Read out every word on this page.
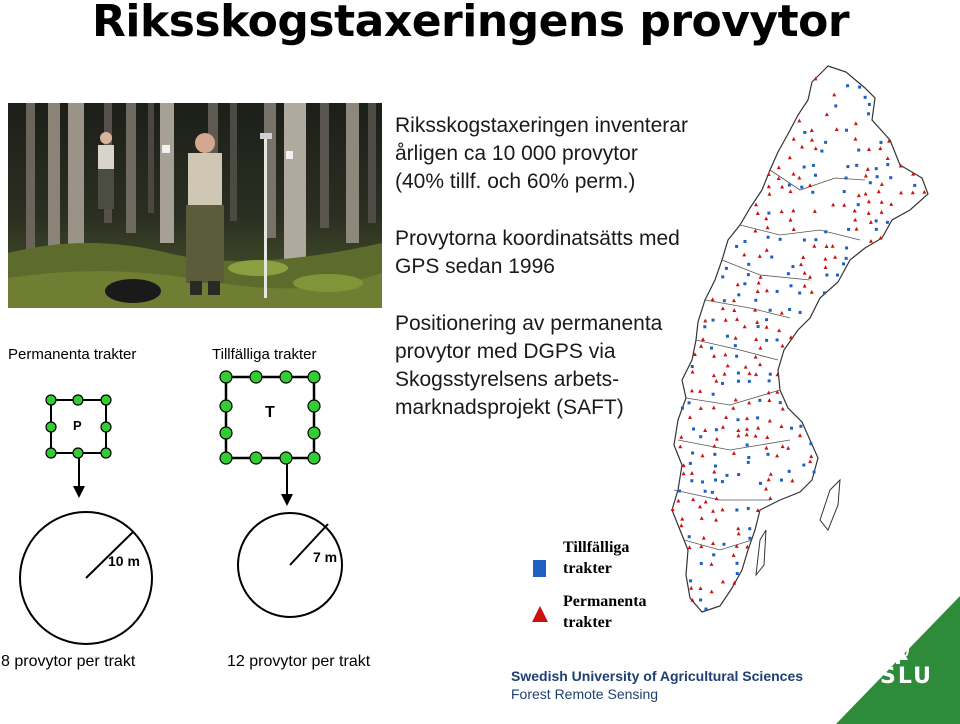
Riksskogstaxeringens provytor
Riksskogstaxeringen inventerar
årligen ca 10 000 provytor
(40% tillf. och 60% perm.)
Provytorna koordinatsätts med
GPS sedan 1996
Positionering av permanenta
provytor med DGPS via
Skogsstyrelsens arbets-
marknadsprojekt (SAFT)
Permanenta trakter	Tillfälliga trakter
P
T
10 m	7 m
8 provytor per trakt	12 provytor per trakt
Tillfälliga
trakter
Permanenta
trakter
Swedish University of Agricultural Sciences
Forest Remote Sensing
SLU
